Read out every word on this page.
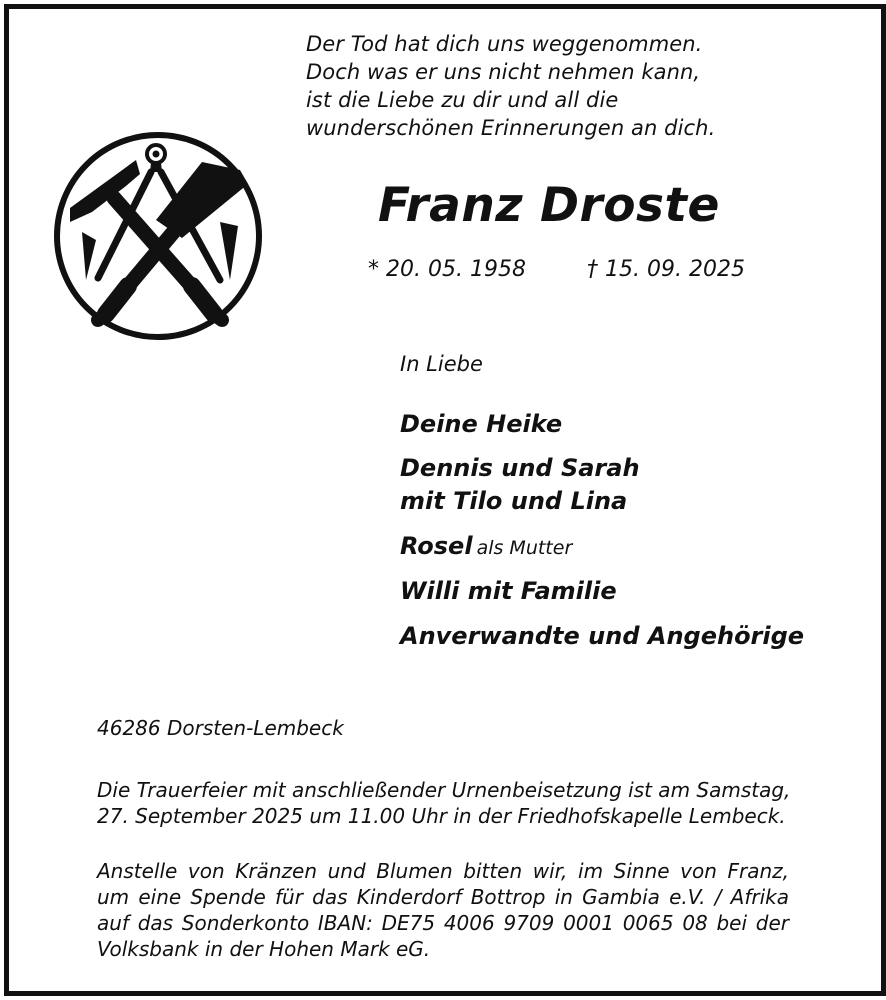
Der Tod hat dich uns weggenommen.
Doch was er uns nicht nehmen kann,
ist die Liebe zu dir und all die
wunderschönen Erinnerungen an dich.
Franz Droste
* 20. 05. 1958	† 15. 09. 2025
In Liebe
Deine Heike
Dennis und Sarah
mit Tilo und Lina
Rosel als Mutter
Willi mit Familie
Anverwandte und Angehörige
46286 Dorsten-Lembeck
Die Trauerfeier mit anschließender Urnenbeisetzung ist am Samstag,
27. September 2025 um 11.00 Uhr in der Friedhofskapelle Lembeck.
Anstelle von Kränzen und Blumen bitten wir, im Sinne von Franz,
um eine Spende für das Kinderdorf Bottrop in Gambia e.V. / Afrika
auf das Sonderkonto IBAN: DE75 4006 9709 0001 0065 08 bei der
Volksbank in der Hohen Mark eG.
